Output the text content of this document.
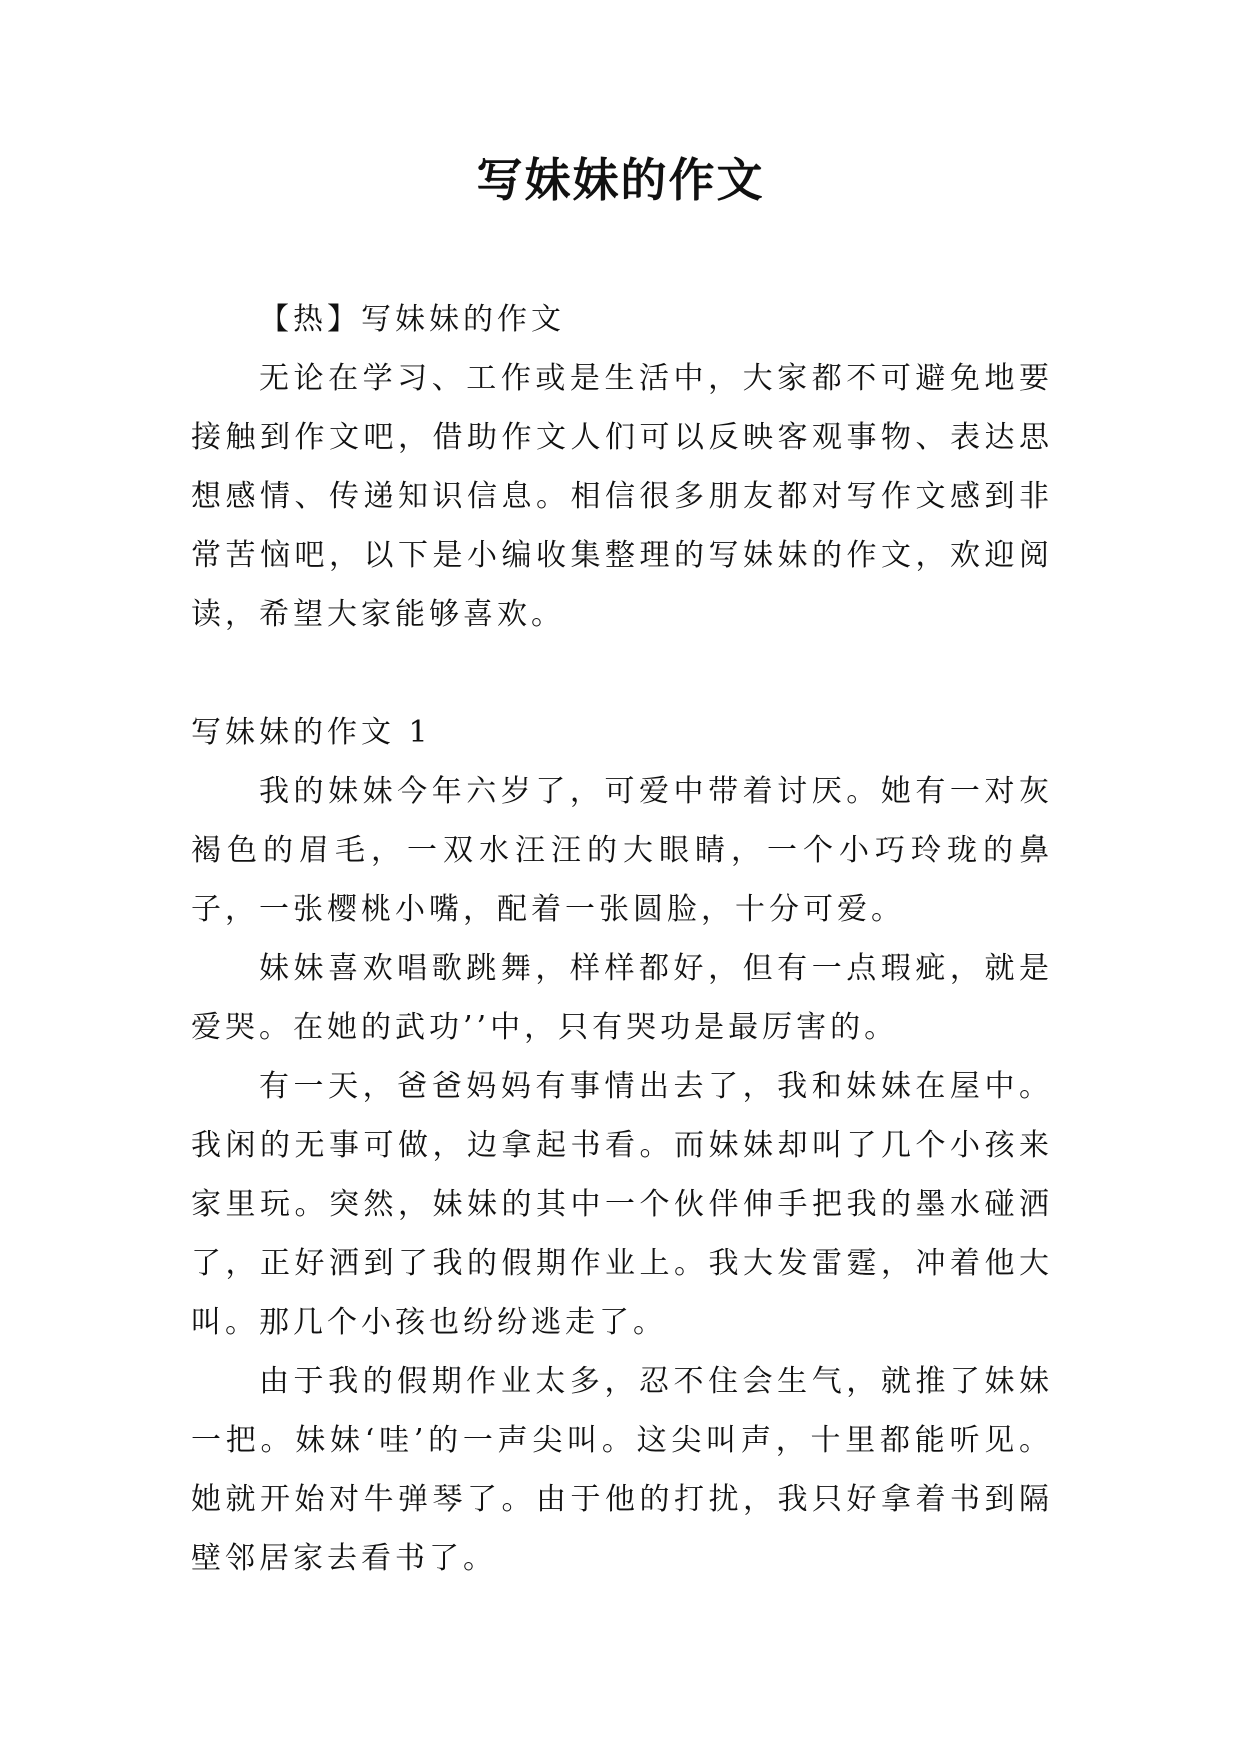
写妹妹的作文

【热】写妹妹的作文

无论在学习、工作或是生活中，大家都不可避免地要接触到作文吧，借助作文人们可以反映客观事物、表达思想感情、传递知识信息。相信很多朋友都对写作文感到非常苦恼吧，以下是小编收集整理的写妹妹的作文，欢迎阅读，希望大家能够喜欢。

写妹妹的作文 1

我的妹妹今年六岁了，可爱中带着讨厌。她有一对灰褐色的眉毛，一双水汪汪的大眼睛，一个小巧玲珑的鼻子，一张樱桃小嘴，配着一张圆脸，十分可爱。

妹妹喜欢唱歌跳舞，样样都好，但有一点瑕疵，就是爱哭。在她的武功’’中，只有哭功是最厉害的。

有一天，爸爸妈妈有事情出去了，我和妹妹在屋中。我闲的无事可做，边拿起书看。而妹妹却叫了几个小孩来家里玩。突然，妹妹的其中一个伙伴伸手把我的墨水碰洒了，正好洒到了我的假期作业上。我大发雷霆，冲着他大叫。那几个小孩也纷纷逃走了。

由于我的假期作业太多，忍不住会生气，就推了妹妹一把。妹妹‘哇’的一声尖叫。这尖叫声，十里都能听见。她就开始对牛弹琴了。由于他的打扰，我只好拿着书到隔壁邻居家去看书了。
